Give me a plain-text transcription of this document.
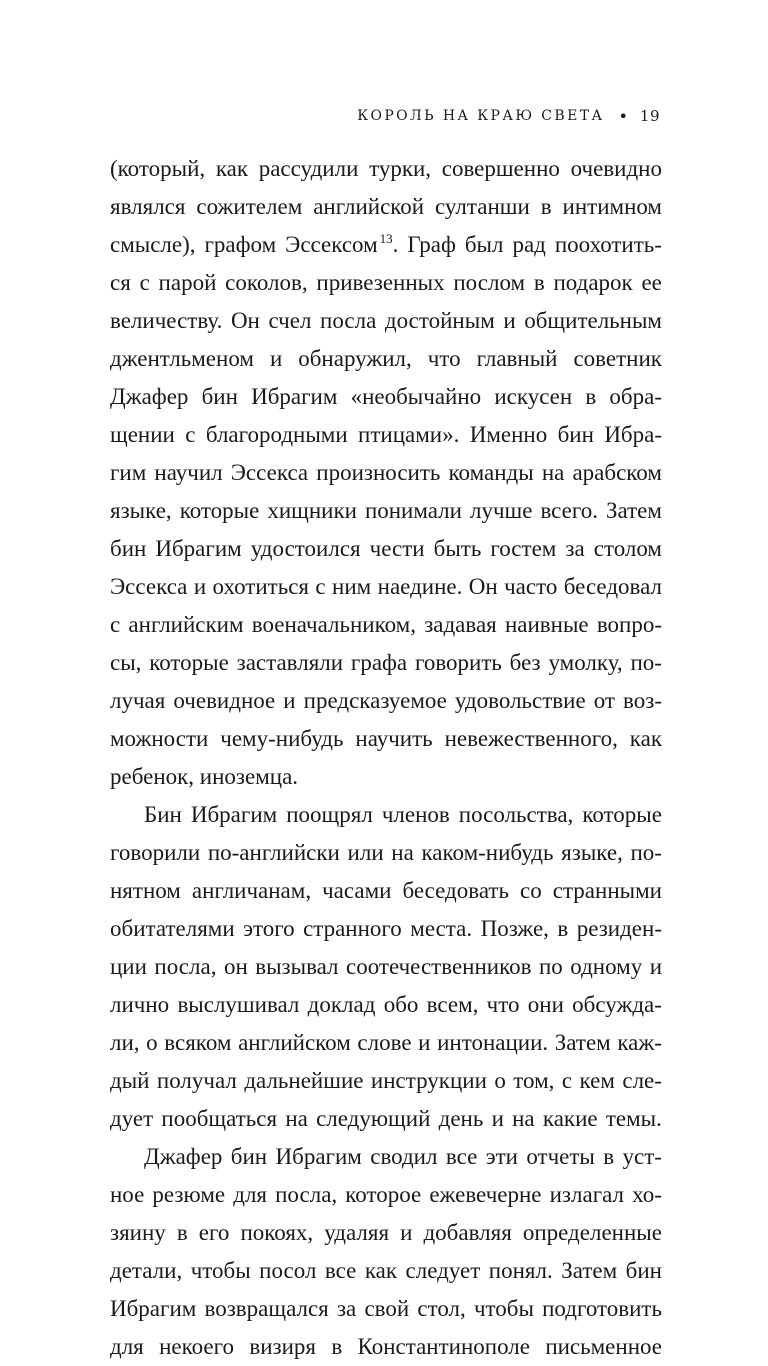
КОРОЛЬ НА КРАЮ СВЕТА • 19
(который, как рассудили турки, совершенно очевидно
являлся сожителем английской султанши в интимном
смысле), графом Эссексом $^{13}$. Граф был рад поохотить-
ся с парой соколов, привезенных послом в подарок ее
величеству. Он счел посла достойным и общительным
джентльменом и обнаружил, что главный советник
Джафер бин Ибрагим «необычайно искусен в обра-
щении с благородными птицами». Именно бин Ибра-
гим научил Эссекса произносить команды на арабском
языке, которые хищники понимали лучше всего. Затем
бин Ибрагим удостоился чести быть гостем за столом
Эссекса и охотиться с ним наедине. Он часто беседовал
с английским военачальником, задавая наивные вопро-
сы, которые заставляли графа говорить без умолку, по-
лучая очевидное и предсказуемое удовольствие от воз-
можности чему-нибудь научить невежественного, как
ребенок, иноземца.
Бин Ибрагим поощрял членов посольства, которые
говорили по-английски или на каком-нибудь языке, по-
нятном англичанам, часами беседовать со странными
обитателями этого странного места. Позже, в резиден-
ции посла, он вызывал соотечественников по одному и
лично выслушивал доклад обо всем, что они обсужда-
ли, о всяком английском слове и интонации. Затем каж-
дый получал дальнейшие инструкции о том, с кем сле-
дует пообщаться на следующий день и на какие темы.
Джафер бин Ибрагим сводил все эти отчеты в уст-
ное резюме для посла, которое ежевечерне излагал хо-
зяину в его покоях, удаляя и добавляя определенные
детали, чтобы посол все как следует понял. Затем бин
Ибрагим возвращался за свой стол, чтобы подготовить
для некоего визиря в Константинополе письменное
